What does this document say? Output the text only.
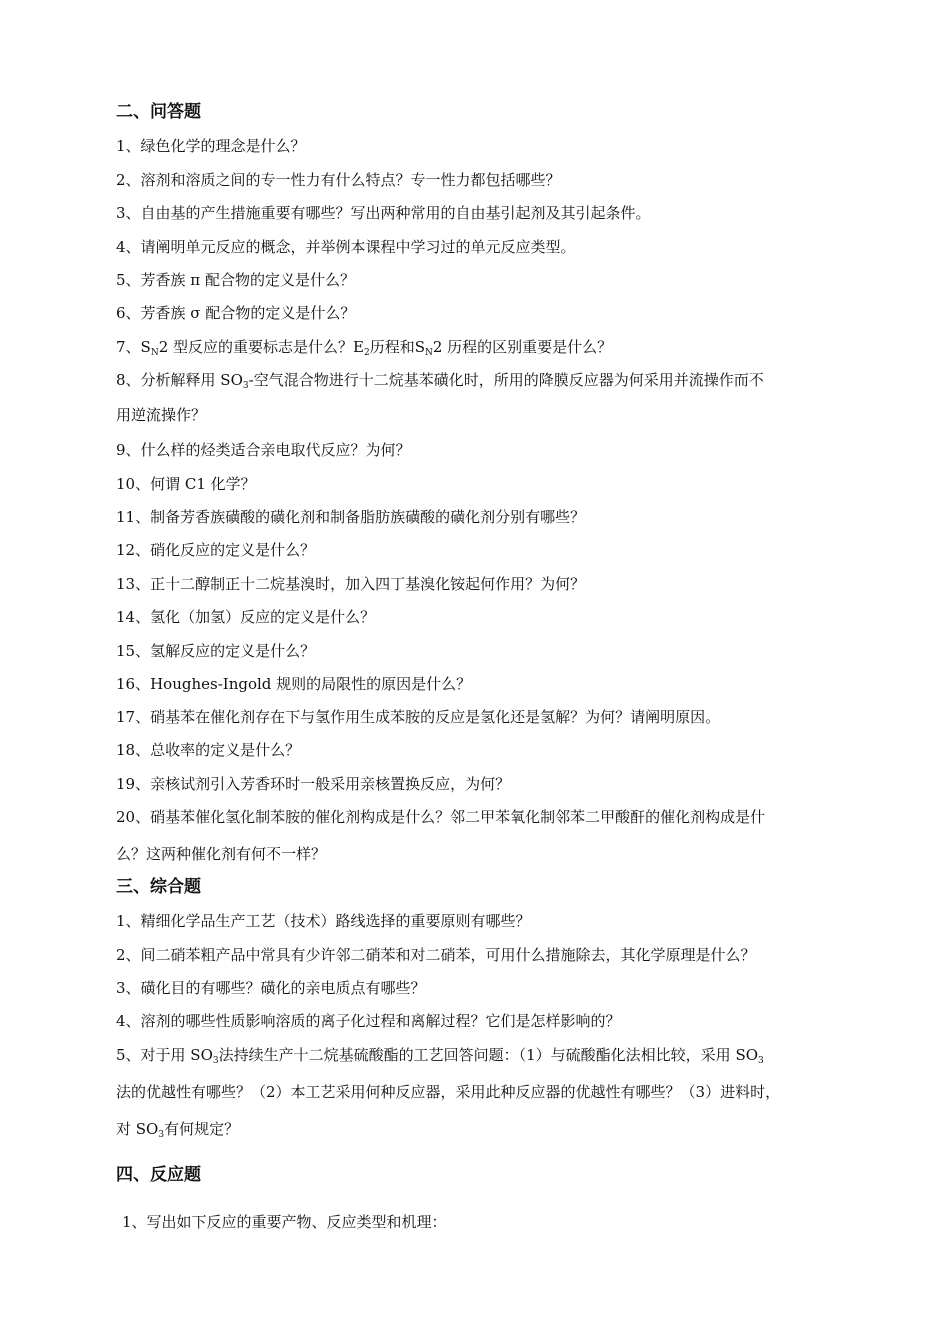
二、问答题
1、绿色化学的理念是什么？
2、溶剂和溶质之间的专一性力有什么特点？专一性力都包括哪些？
3、自由基的产生措施重要有哪些？写出两种常用的自由基引起剂及其引起条件。
4、请阐明单元反应的概念，并举例本课程中学习过的单元反应类型。
5、芳香族 π 配合物的定义是什么？
6、芳香族 σ 配合物的定义是什么？
7、$S_N2$ 型反应的重要标志是什么？$E_2$历程和$S_N2$ 历程的区别重要是什么？
8、分析解释用 $SO_3-$空气混合物进行十二烷基苯磺化时，所用的降膜反应器为何采用并流操作而不
用逆流操作？
9、什么样的烃类适合亲电取代反应？为何？
10、何谓 C1 化学？
11、制备芳香族磺酸的磺化剂和制备脂肪族磺酸的磺化剂分别有哪些？
12、硝化反应的定义是什么？
13、正十二醇制正十二烷基溴时，加入四丁基溴化铵起何作用？为何？
14、氢化（加氢）反应的定义是什么？
15、氢解反应的定义是什么？
16、Houghes-Ingold 规则的局限性的原因是什么？
17、硝基苯在催化剂存在下与氢作用生成苯胺的反应是氢化还是氢解？为何？请阐明原因。
18、总收率的定义是什么？
19、亲核试剂引入芳香环时一般采用亲核置换反应，为何？
20、硝基苯催化氢化制苯胺的催化剂构成是什么？邻二甲苯氧化制邻苯二甲酸酐的催化剂构成是什
么？这两种催化剂有何不一样？
三、综合题
1、精细化学品生产工艺（技术）路线选择的重要原则有哪些？
2、间二硝苯粗产品中常具有少许邻二硝苯和对二硝苯，可用什么措施除去，其化学原理是什么？
3、磺化目的有哪些？磺化的亲电质点有哪些？
4、溶剂的哪些性质影响溶质的离子化过程和离解过程？它们是怎样影响的？
5、对于用 $SO_3$法持续生产十二烷基硫酸酯的工艺回答问题：（1）与硫酸酯化法相比较，采用 $SO_3$
法的优越性有哪些？（2）本工艺采用何种反应器，采用此种反应器的优越性有哪些？（3）进料时，
对 $SO_3$有何规定？
四、反应题
1、写出如下反应的重要产物、反应类型和机理：
